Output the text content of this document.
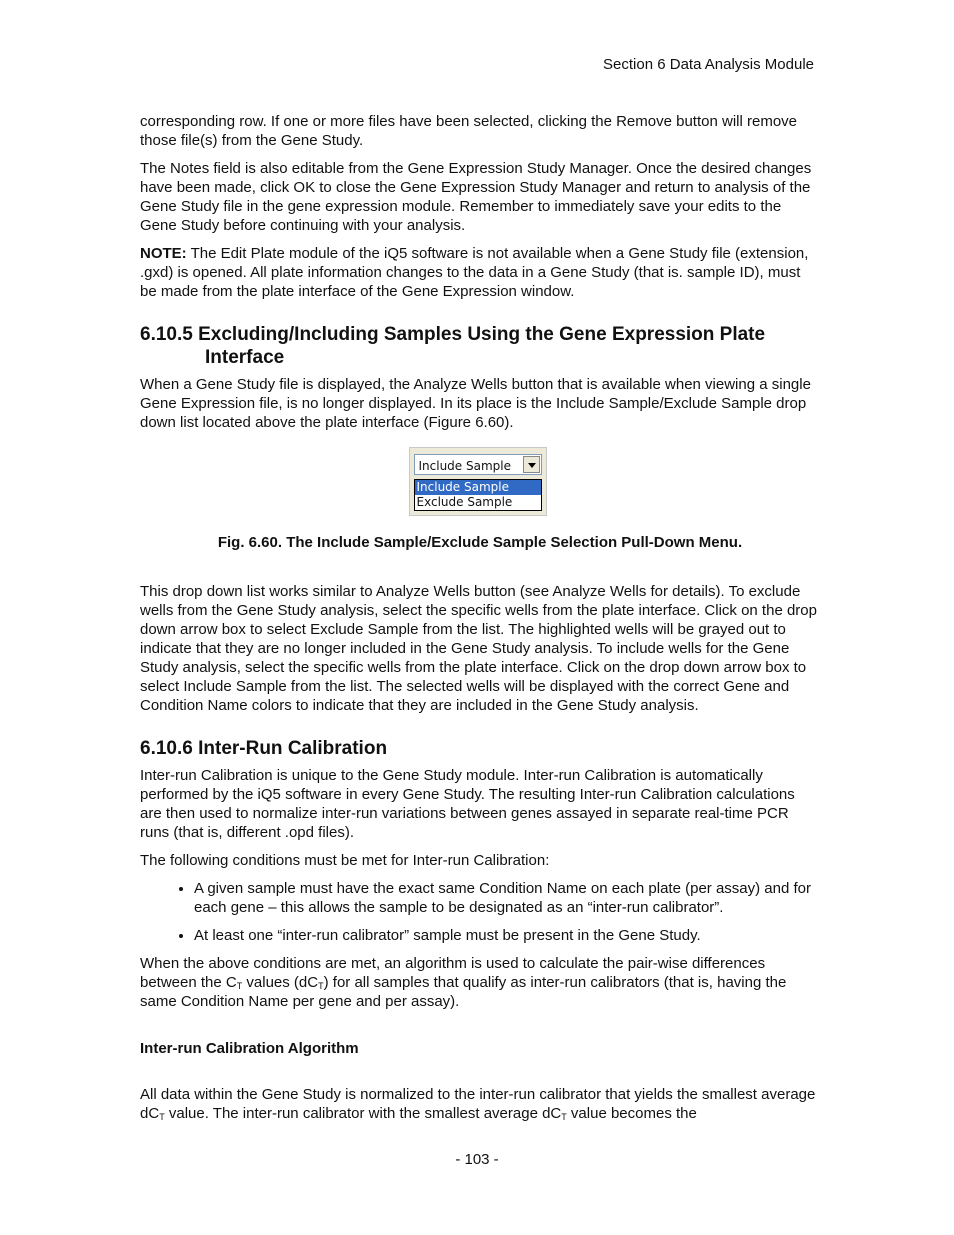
Section 6 Data Analysis Module

corresponding row. If one or more files have been selected, clicking the Remove button will remove those file(s) from the Gene Study.

The Notes field is also editable from the Gene Expression Study Manager. Once the desired changes have been made, click OK to close the Gene Expression Study Manager and return to analysis of the Gene Study file in the gene expression module. Remember to immediately save your edits to the Gene Study before continuing with your analysis.

NOTE: The Edit Plate module of the iQ5 software is not available when a Gene Study file (extension, .gxd) is opened. All plate information changes to the data in a Gene Study (that is. sample ID), must be made from the plate interface of the Gene Expression window.

6.10.5 Excluding/Including Samples Using the Gene Expression Plate Interface

When a Gene Study file is displayed, the Analyze Wells button that is available when viewing a single Gene Expression file, is no longer displayed. In its place is the Include Sample/Exclude Sample drop down list located above the plate interface (Figure 6.60).

Include Sample
Include Sample
Exclude Sample
Fig. 6.60. The Include Sample/Exclude Sample Selection Pull-Down Menu.

This drop down list works similar to Analyze Wells button (see Analyze Wells for details). To exclude wells from the Gene Study analysis, select the specific wells from the plate interface. Click on the drop down arrow box to select Exclude Sample from the list. The highlighted wells will be grayed out to indicate that they are no longer included in the Gene Study analysis. To include wells for the Gene Study analysis, select the specific wells from the plate interface. Click on the drop down arrow box to select Include Sample from the list. The selected wells will be displayed with the correct Gene and Condition Name colors to indicate that they are included in the Gene Study analysis.

6.10.6 Inter-Run Calibration

Inter-run Calibration is unique to the Gene Study module. Inter-run Calibration is automatically performed by the iQ5 software in every Gene Study. The resulting Inter-run Calibration calculations are then used to normalize inter-run variations between genes assayed in separate real-time PCR runs (that is, different .opd files).

The following conditions must be met for Inter-run Calibration:

• A given sample must have the exact same Condition Name on each plate (per assay) and for each gene – this allows the sample to be designated as an “inter-run calibrator”.
• At least one “inter-run calibrator” sample must be present in the Gene Study.

When the above conditions are met, an algorithm is used to calculate the pair-wise differences between the $C_T$ values $(dC_T)$ for all samples that qualify as inter-run calibrators (that is, having the same Condition Name per gene and per assay).

Inter-run Calibration Algorithm

All data within the Gene Study is normalized to the inter-run calibrator that yields the smallest average $dC_T$ value. The inter-run calibrator with the smallest average $dC_T$ value becomes the

- 103 -
